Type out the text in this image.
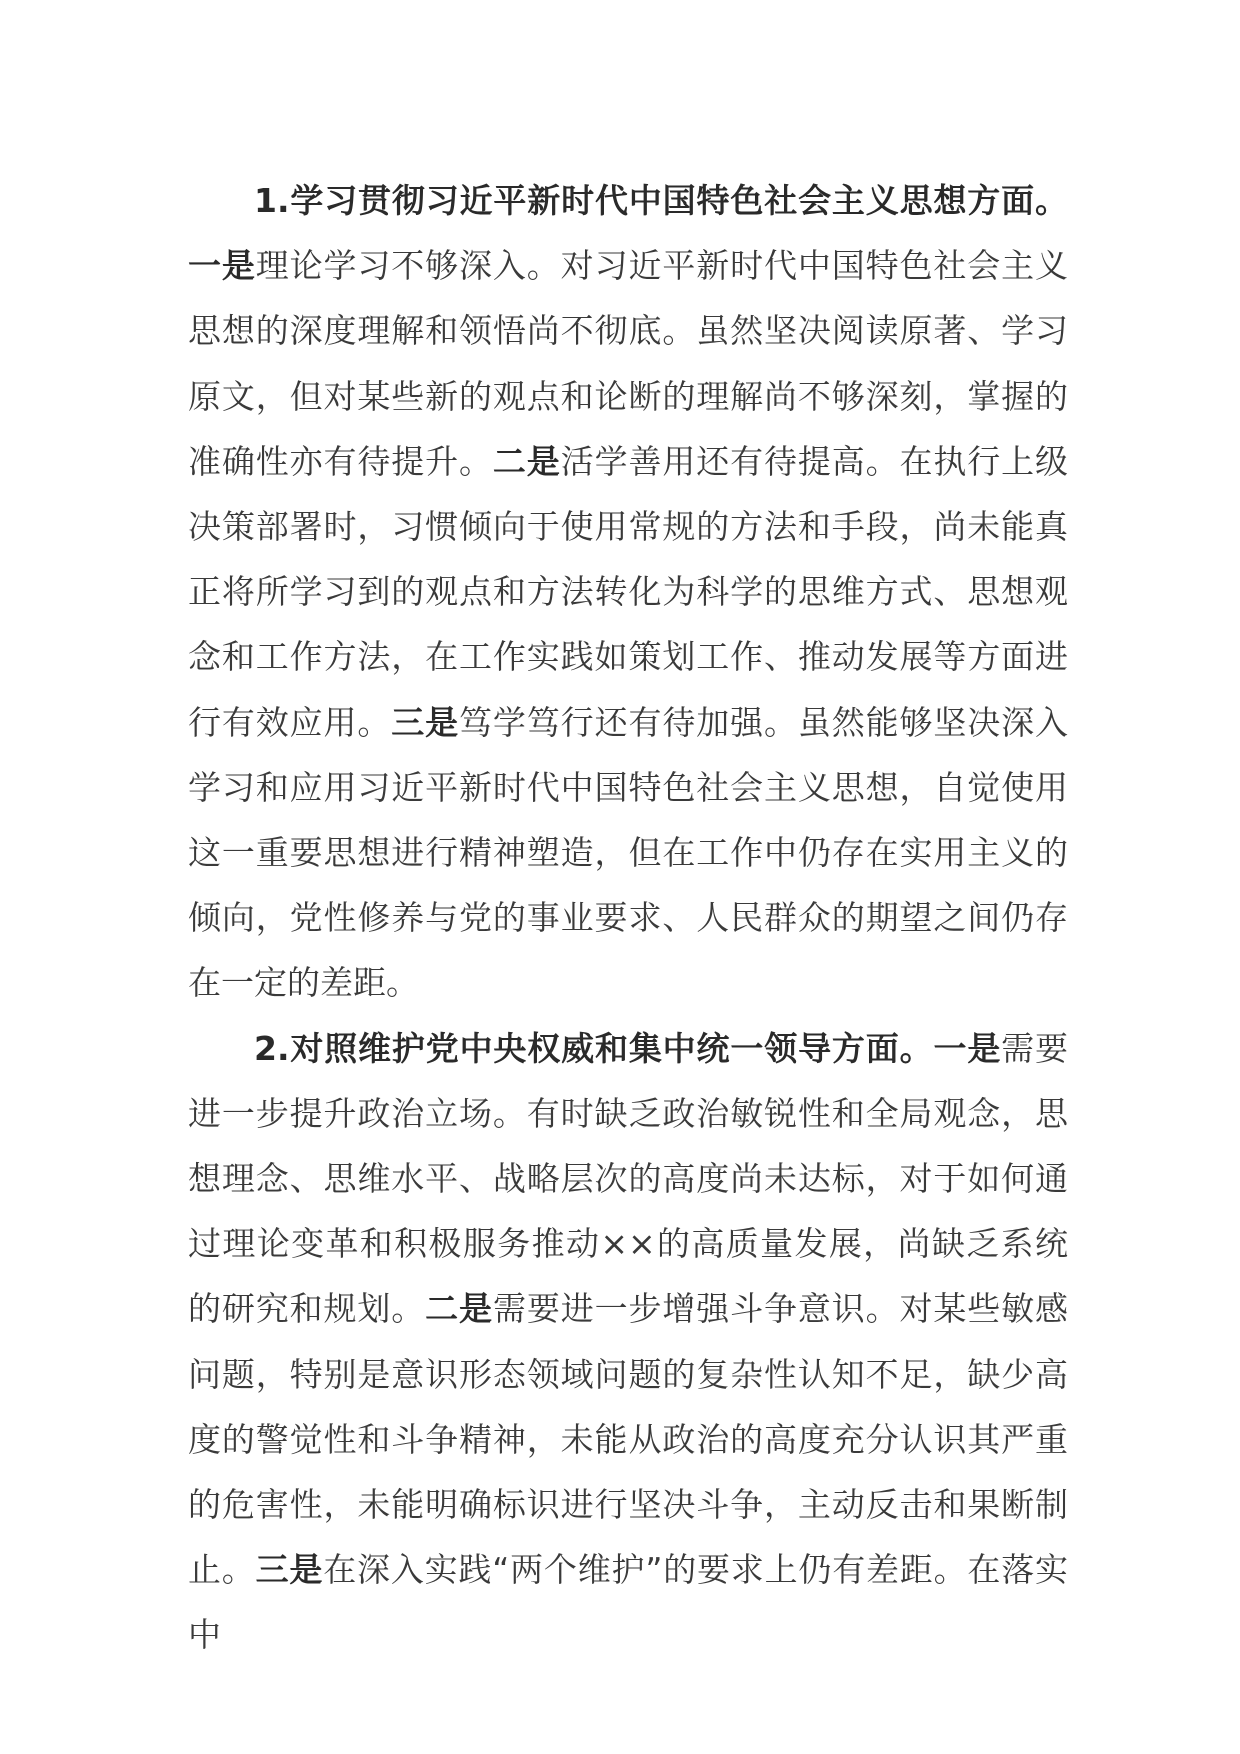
1.学习贯彻习近平新时代中国特色社会主义思想方面。一是理论学习不够深入。对习近平新时代中国特色社会主义思想的深度理解和领悟尚不彻底。虽然坚决阅读原著、学习原文，但对某些新的观点和论断的理解尚不够深刻，掌握的准确性亦有待提升。二是活学善用还有待提高。在执行上级决策部署时，习惯倾向于使用常规的方法和手段，尚未能真正将所学习到的观点和方法转化为科学的思维方式、思想观念和工作方法，在工作实践如策划工作、推动发展等方面进行有效应用。三是笃学笃行还有待加强。虽然能够坚决深入学习和应用习近平新时代中国特色社会主义思想，自觉使用这一重要思想进行精神塑造，但在工作中仍存在实用主义的倾向，党性修养与党的事业要求、人民群众的期望之间仍存在一定的差距。

2.对照维护党中央权威和集中统一领导方面。一是需要进一步提升政治立场。有时缺乏政治敏锐性和全局观念，思想理念、思维水平、战略层次的高度尚未达标，对于如何通过理论变革和积极服务推动××的高质量发展，尚缺乏系统的研究和规划。二是需要进一步增强斗争意识。对某些敏感问题，特别是意识形态领域问题的复杂性认知不足，缺少高度的警觉性和斗争精神，未能从政治的高度充分认识其严重的危害性，未能明确标识进行坚决斗争，主动反击和果断制止。三是在深入实践“两个维护”的要求上仍有差距。在落实中
